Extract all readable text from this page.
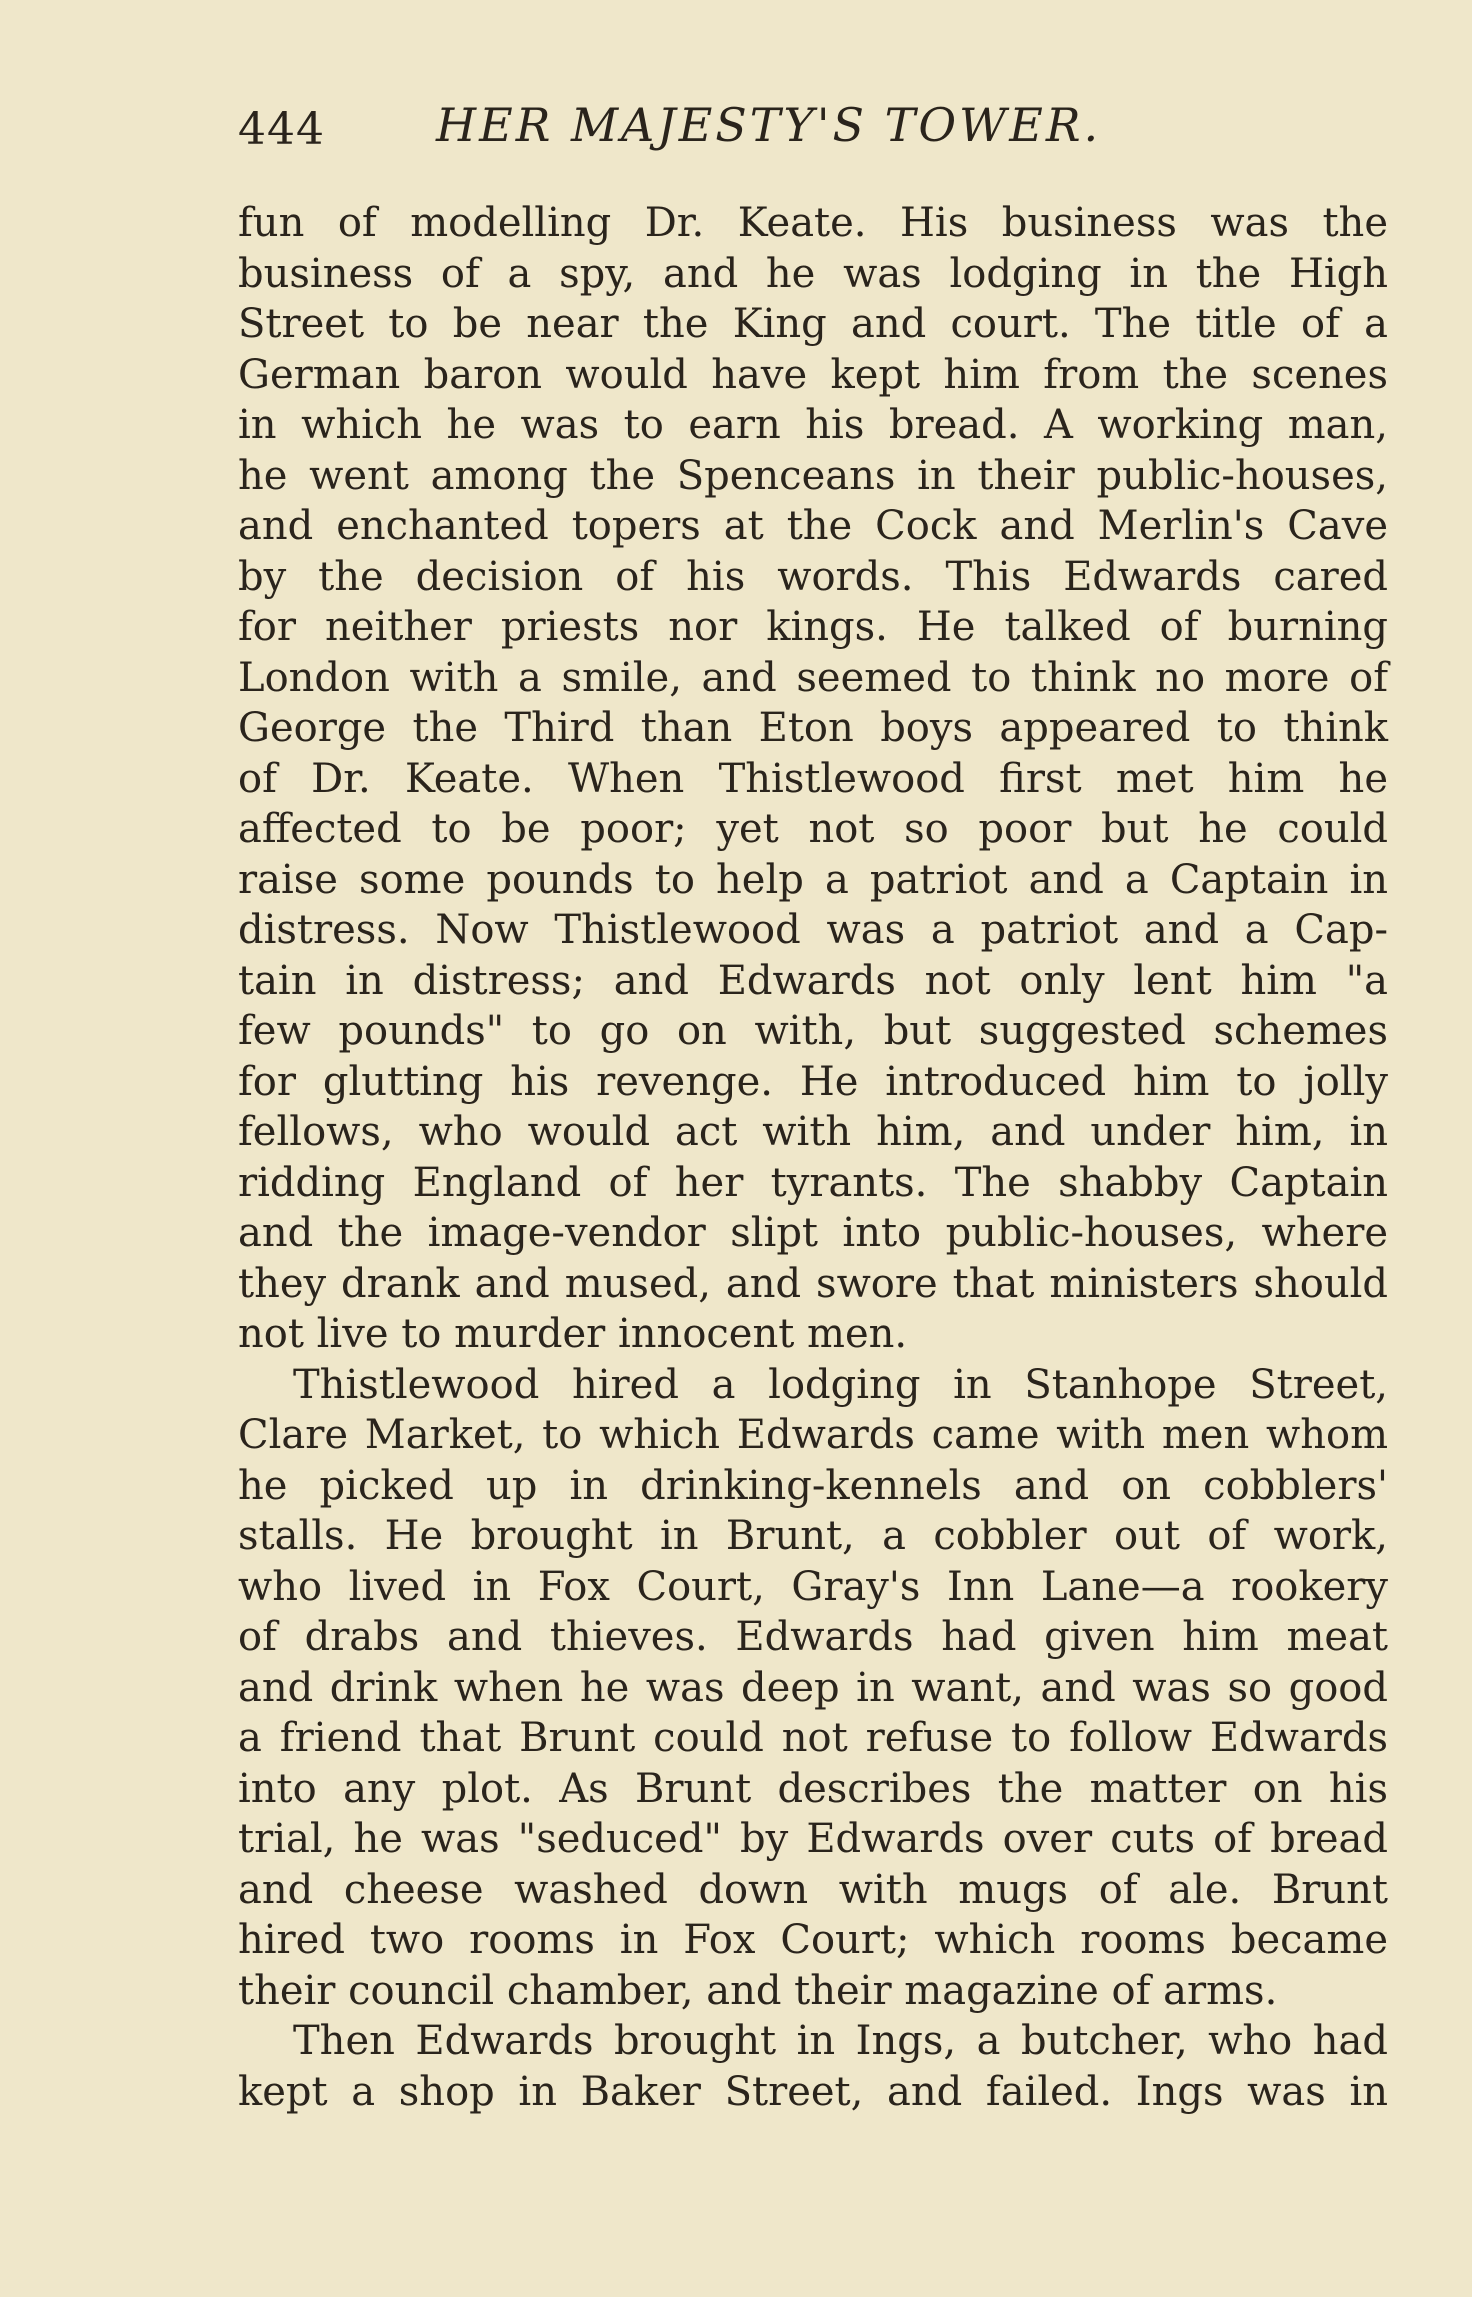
444 HER MAJESTY'S TOWER.
fun of modelling Dr. Keate. His business was the
business of a spy, and he was lodging in the High
Street to be near the King and court. The title of a
German baron would have kept him from the scenes
in which he was to earn his bread. A working man,
he went among the Spenceans in their public-houses,
and enchanted topers at the Cock and Merlin's Cave
by the decision of his words. This Edwards cared
for neither priests nor kings. He talked of burning
London with a smile, and seemed to think no more of
George the Third than Eton boys appeared to think
of Dr. Keate. When Thistlewood first met him he
affected to be poor; yet not so poor but he could
raise some pounds to help a patriot and a Captain in
distress. Now Thistlewood was a patriot and a Cap-
tain in distress; and Edwards not only lent him "a
few pounds" to go on with, but suggested schemes
for glutting his revenge. He introduced him to jolly
fellows, who would act with him, and under him, in
ridding England of her tyrants. The shabby Captain
and the image-vendor slipt into public-houses, where
they drank and mused, and swore that ministers should
not live to murder innocent men.
Thistlewood hired a lodging in Stanhope Street,
Clare Market, to which Edwards came with men whom
he picked up in drinking-kennels and on cobblers'
stalls. He brought in Brunt, a cobbler out of work,
who lived in Fox Court, Gray's Inn Lane—a rookery
of drabs and thieves. Edwards had given him meat
and drink when he was deep in want, and was so good
a friend that Brunt could not refuse to follow Edwards
into any plot. As Brunt describes the matter on his
trial, he was "seduced" by Edwards over cuts of bread
and cheese washed down with mugs of ale. Brunt
hired two rooms in Fox Court; which rooms became
their council chamber, and their magazine of arms.
Then Edwards brought in Ings, a butcher, who had
kept a shop in Baker Street, and failed. Ings was in
